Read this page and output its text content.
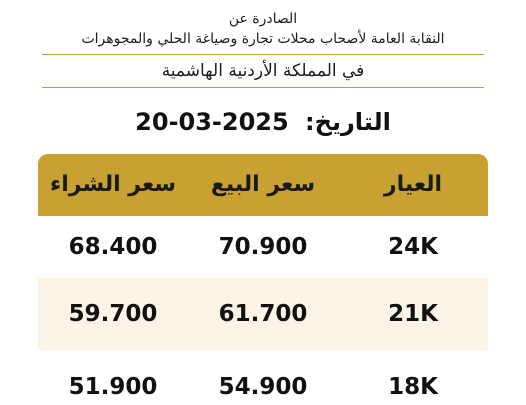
الصادرة عن
النقابة العامة لأصحاب محلات تجارة وصياغة الحلي والمجوهرات
في المملكة الأردنية الهاشمية
التاريخ: 20-03-2025
سعر الشراء	سعر البيع	العيار
68.400	70.900	24K
59.700	61.700	21K
51.900	54.900	18K
